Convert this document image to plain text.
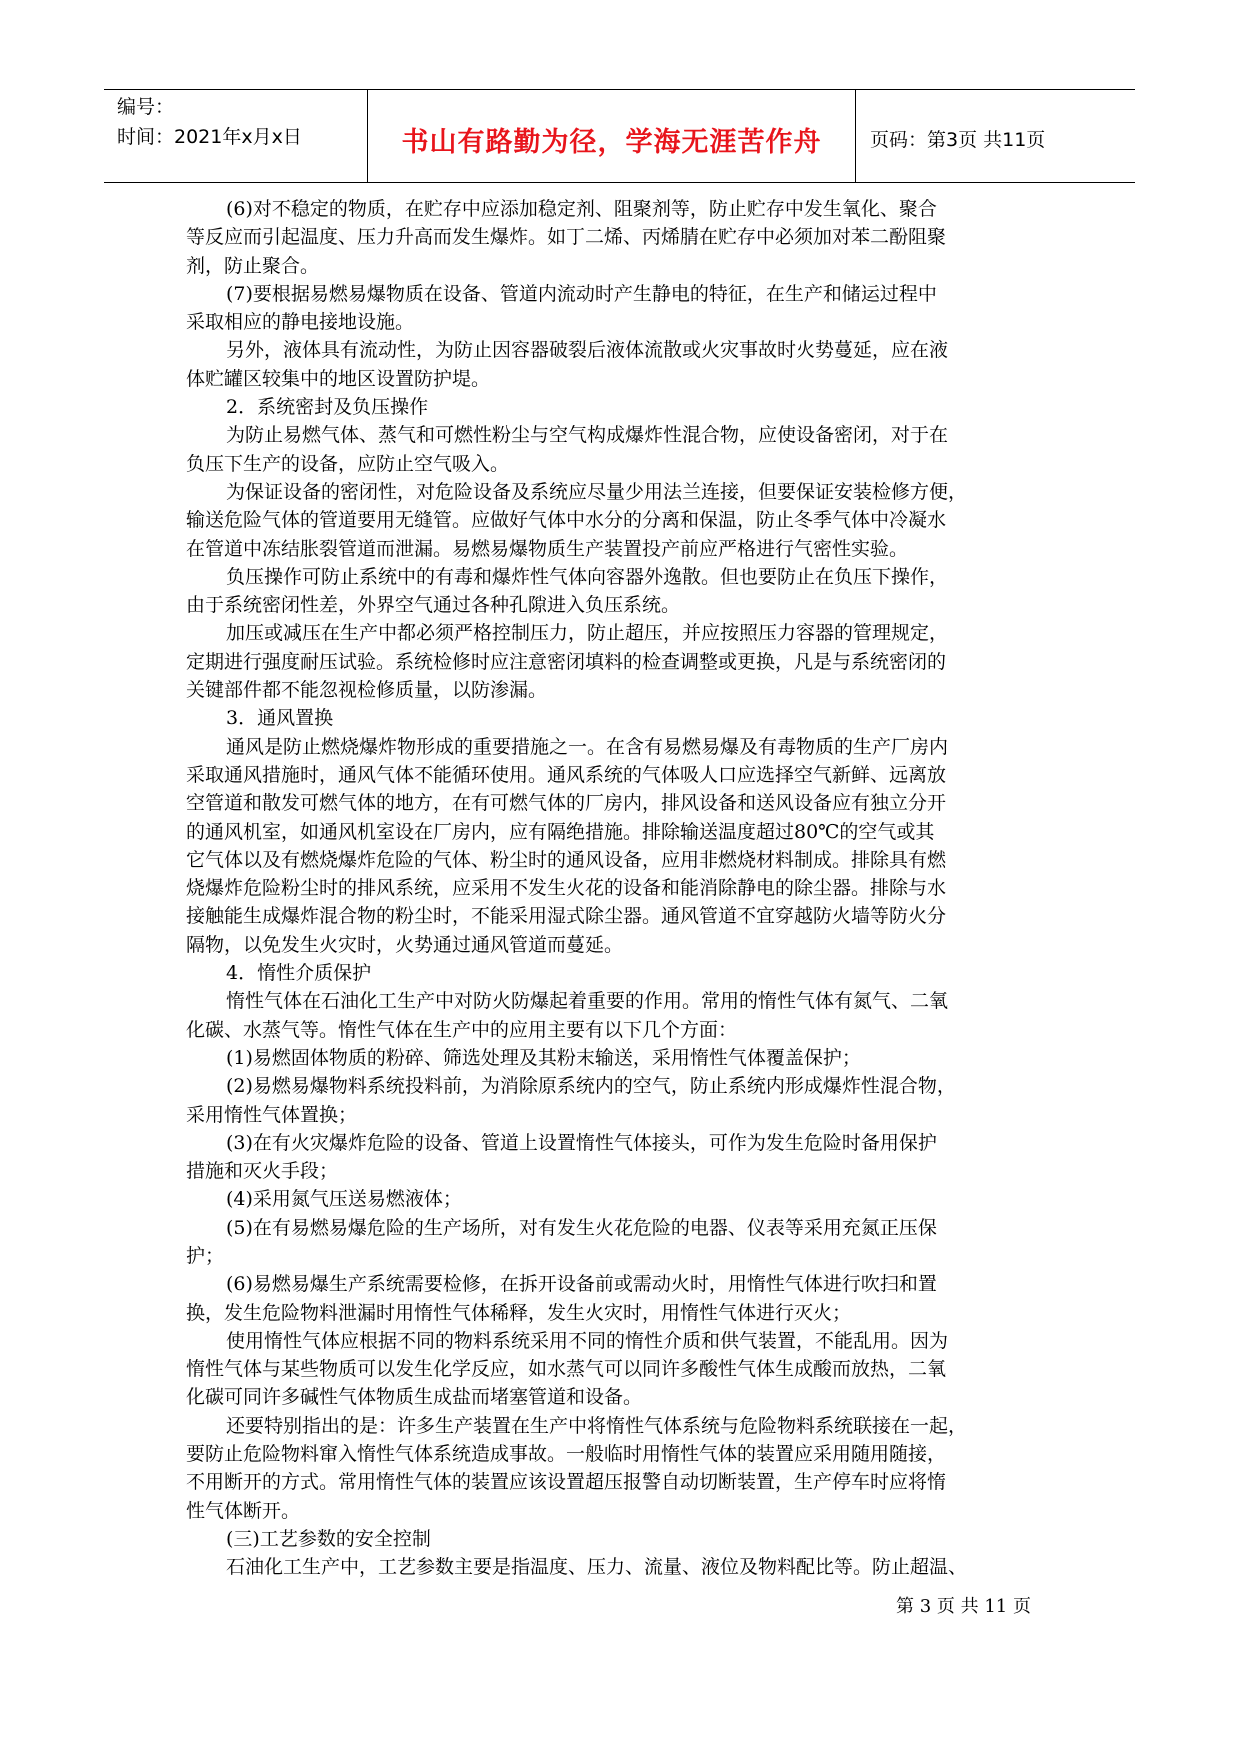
编号：
时间：2021年x月x日	书山有路勤为径，学海无涯苦作舟	页码：第3页 共11页
(6)对不稳定的物质，在贮存中应添加稳定剂、阻聚剂等，防止贮存中发生氧化、聚合
等反应而引起温度、压力升高而发生爆炸。如丁二烯、丙烯腈在贮存中必须加对苯二酚阻聚
剂，防止聚合。
(7)要根据易燃易爆物质在设备、管道内流动时产生静电的特征，在生产和储运过程中
采取相应的静电接地设施。
另外，液体具有流动性，为防止因容器破裂后液体流散或火灾事故时火势蔓延，应在液
体贮罐区较集中的地区设置防护堤。
2．系统密封及负压操作
为防止易燃气体、蒸气和可燃性粉尘与空气构成爆炸性混合物，应使设备密闭，对于在
负压下生产的设备，应防止空气吸入。
为保证设备的密闭性，对危险设备及系统应尽量少用法兰连接，但要保证安装检修方便，
输送危险气体的管道要用无缝管。应做好气体中水分的分离和保温，防止冬季气体中冷凝水
在管道中冻结胀裂管道而泄漏。易燃易爆物质生产装置投产前应严格进行气密性实验。
负压操作可防止系统中的有毒和爆炸性气体向容器外逸散。但也要防止在负压下操作，
由于系统密闭性差，外界空气通过各种孔隙进入负压系统。
加压或减压在生产中都必须严格控制压力，防止超压，并应按照压力容器的管理规定，
定期进行强度耐压试验。系统检修时应注意密闭填料的检查调整或更换，凡是与系统密闭的
关键部件都不能忽视检修质量，以防渗漏。
3．通风置换
通风是防止燃烧爆炸物形成的重要措施之一。在含有易燃易爆及有毒物质的生产厂房内
采取通风措施时，通风气体不能循环使用。通风系统的气体吸人口应选择空气新鲜、远离放
空管道和散发可燃气体的地方，在有可燃气体的厂房内，排风设备和送风设备应有独立分开
的通风机室，如通风机室设在厂房内，应有隔绝措施。排除输送温度超过80℃的空气或其
它气体以及有燃烧爆炸危险的气体、粉尘时的通风设备，应用非燃烧材料制成。排除具有燃
烧爆炸危险粉尘时的排风系统，应采用不发生火花的设备和能消除静电的除尘器。排除与水
接触能生成爆炸混合物的粉尘时，不能采用湿式除尘器。通风管道不宜穿越防火墙等防火分
隔物，以免发生火灾时，火势通过通风管道而蔓延。
4．惰性介质保护
惰性气体在石油化工生产中对防火防爆起着重要的作用。常用的惰性气体有氮气、二氧
化碳、水蒸气等。惰性气体在生产中的应用主要有以下几个方面：
(1)易燃固体物质的粉碎、筛选处理及其粉末输送，采用惰性气体覆盖保护；
(2)易燃易爆物料系统投料前，为消除原系统内的空气，防止系统内形成爆炸性混合物，
采用惰性气体置换；
(3)在有火灾爆炸危险的设备、管道上设置惰性气体接头，可作为发生危险时备用保护
措施和灭火手段；
(4)采用氮气压送易燃液体；
(5)在有易燃易爆危险的生产场所，对有发生火花危险的电器、仪表等采用充氮正压保
护；
(6)易燃易爆生产系统需要检修，在拆开设备前或需动火时，用惰性气体进行吹扫和置
换，发生危险物料泄漏时用惰性气体稀释，发生火灾时，用惰性气体进行灭火；
使用惰性气体应根据不同的物料系统采用不同的惰性介质和供气装置，不能乱用。因为
惰性气体与某些物质可以发生化学反应，如水蒸气可以同许多酸性气体生成酸而放热，二氧
化碳可同许多碱性气体物质生成盐而堵塞管道和设备。
还要特别指出的是：许多生产装置在生产中将惰性气体系统与危险物料系统联接在一起，
要防止危险物料窜入惰性气体系统造成事故。一般临时用惰性气体的装置应采用随用随接，
不用断开的方式。常用惰性气体的装置应该设置超压报警自动切断装置，生产停车时应将惰
性气体断开。
(三)工艺参数的安全控制
石油化工生产中，工艺参数主要是指温度、压力、流量、液位及物料配比等。防止超温、
第 3 页 共 11 页
